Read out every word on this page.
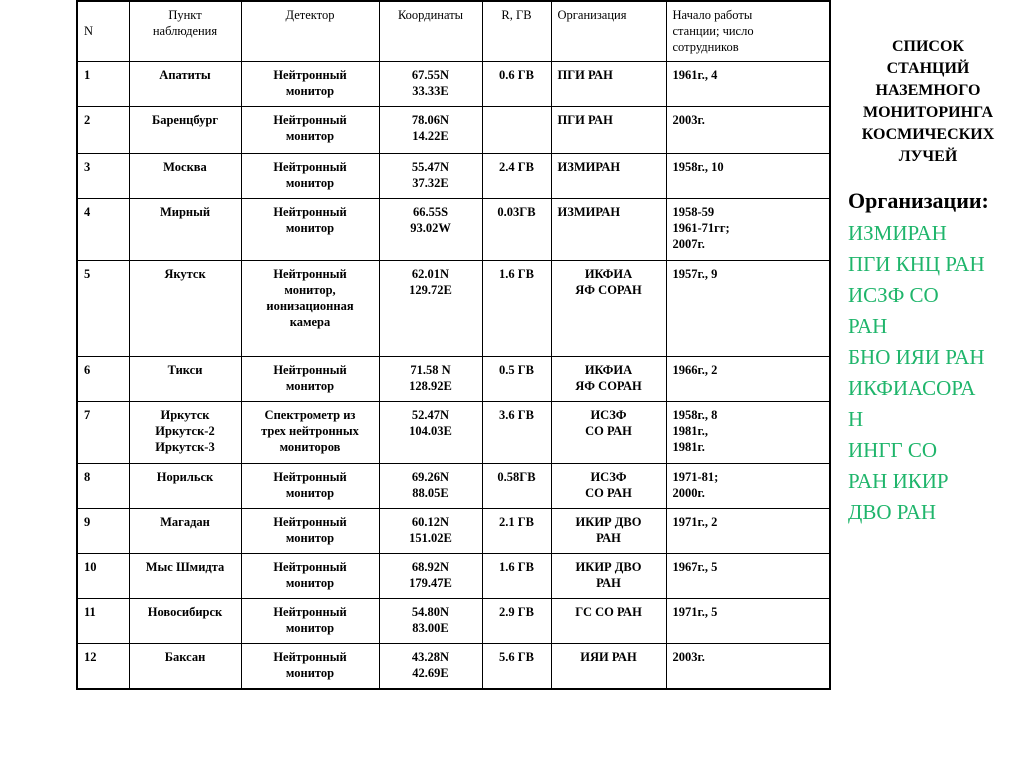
N	Пункт
наблюдения	Детектор	Координаты	R, ГВ	Организация	Начало работы
станции; число
сотрудников
1	Апатиты	Нейтронный
монитор	67.55N
33.33E	0.6 ГВ	ПГИ РАН	1961г., 4
2	Баренцбург	Нейтронный
монитор	78.06N
14.22E		ПГИ РАН	2003г.
3	Москва	Нейтронный
монитор	55.47N
37.32E	2.4 ГВ	ИЗМИРАН	1958г., 10
4	Мирный	Нейтронный
монитор	66.55S
93.02W	0.03ГВ	ИЗМИРАН	1958-59
1961-71гг;
2007г.
5	Якутск	Нейтронный
монитор,
ионизационная
камера	62.01N
129.72E	1.6 ГВ	ИКФИА
ЯФ СОРАН	1957г., 9
6	Тикси	Нейтронный
монитор	71.58 N
128.92E	0.5 ГВ	ИКФИА
ЯФ СОРАН	1966г., 2
7	Иркутск
Иркутск-2
Иркутск-3	Спектрометр из
трех нейтронных
мониторов	52.47N
104.03E	3.6 ГВ	ИСЗФ
СО РАН	1958г., 8
1981г.,
1981г.
8	Норильск	Нейтронный
монитор	69.26N
88.05E	0.58ГВ	ИСЗФ
СО РАН	1971-81;
2000г.
9	Магадан	Нейтронный
монитор	60.12N
151.02E	2.1 ГВ	ИКИР ДВО
РАН	1971г., 2
10	Мыс Шмидта	Нейтронный
монитор	68.92N
179.47E	1.6 ГВ	ИКИР ДВО
РАН	1967г., 5
11	Новосибирск	Нейтронный
монитор	54.80N
83.00E	2.9 ГВ	ГС СО РАН	1971г., 5
12	Баксан	Нейтронный
монитор	43.28N
42.69E	5.6 ГВ	ИЯИ РАН	2003г.
СПИСОК
СТАНЦИЙ
НАЗЕМНОГО
МОНИТОРИНГА
КОСМИЧЕСКИХ
ЛУЧЕЙ
Организации:
ИЗМИРАН
ПГИ КНЦ РАН
ИСЗФ СО
РАН
БНО ИЯИ РАН
ИКФИАСОРА
Н
ИНГГ СО
РАН ИКИР
ДВО РАН
